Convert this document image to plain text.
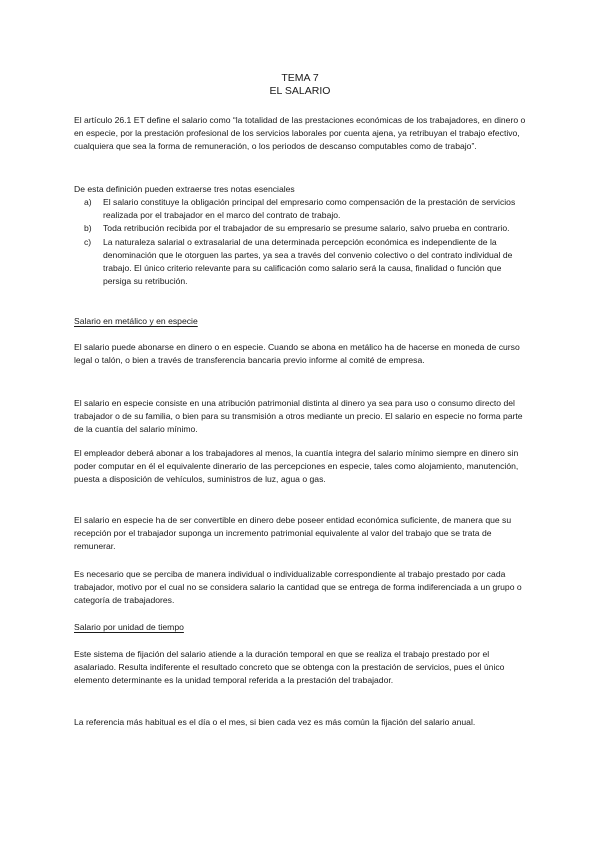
TEMA 7
EL SALARIO

El artículo 26.1 ET define el salario como “la totalidad de las prestaciones económicas de los trabajadores, en dinero o en especie, por la prestación profesional de los servicios laborales por cuenta ajena, ya retribuyan el trabajo efectivo, cualquiera que sea la forma de remuneración, o los periodos de descanso computables como de trabajo”.

De esta definición pueden extraerse tres notas esenciales

a) El salario constituye la obligación principal del empresario como compensación de la prestación de servicios realizada por el trabajador en el marco del contrato de trabajo.
b) Toda retribución recibida por el trabajador de su empresario se presume salario, salvo prueba en contrario.
c) La naturaleza salarial o extrasalarial de una determinada percepción económica es independiente de la denominación que le otorguen las partes, ya sea a través del convenio colectivo o del contrato individual de trabajo. El único criterio relevante para su calificación como salario será la causa, finalidad o función que persiga su retribución.

Salario en metálico y en especie

El salario puede abonarse en dinero o en especie. Cuando se abona en metálico ha de hacerse en moneda de curso legal o talón, o bien a través de transferencia bancaria previo informe al comité de empresa.

El salario en especie consiste en una atribución patrimonial distinta al dinero ya sea para uso o consumo directo del trabajador o de su familia, o bien para su transmisión a otros mediante un precio. El salario en especie no forma parte de la cuantía del salario mínimo.

El empleador deberá abonar a los trabajadores al menos, la cuantía integra del salario mínimo siempre en dinero sin poder computar en él el equivalente dinerario de las percepciones en especie, tales como alojamiento, manutención, puesta a disposición de vehículos, suministros de luz, agua o gas.

El salario en especie ha de ser convertible en dinero debe poseer entidad económica suficiente, de manera que su recepción por el trabajador suponga un incremento patrimonial equivalente al valor del trabajo que se trata de remunerar.

Es necesario que se perciba de manera individual o individualizable correspondiente al trabajo prestado por cada trabajador, motivo por el cual no se considera salario la cantidad que se entrega de forma indiferenciada a un grupo o categoría de trabajadores.

Salario por unidad de tiempo

Este sistema de fijación del salario atiende a la duración temporal en que se realiza el trabajo prestado por el asalariado. Resulta indiferente el resultado concreto que se obtenga con la prestación de servicios, pues el único elemento determinante es la unidad temporal referida a la prestación del trabajador.

La referencia más habitual es el día o el mes, si bien cada vez es más común la fijación del salario anual.
